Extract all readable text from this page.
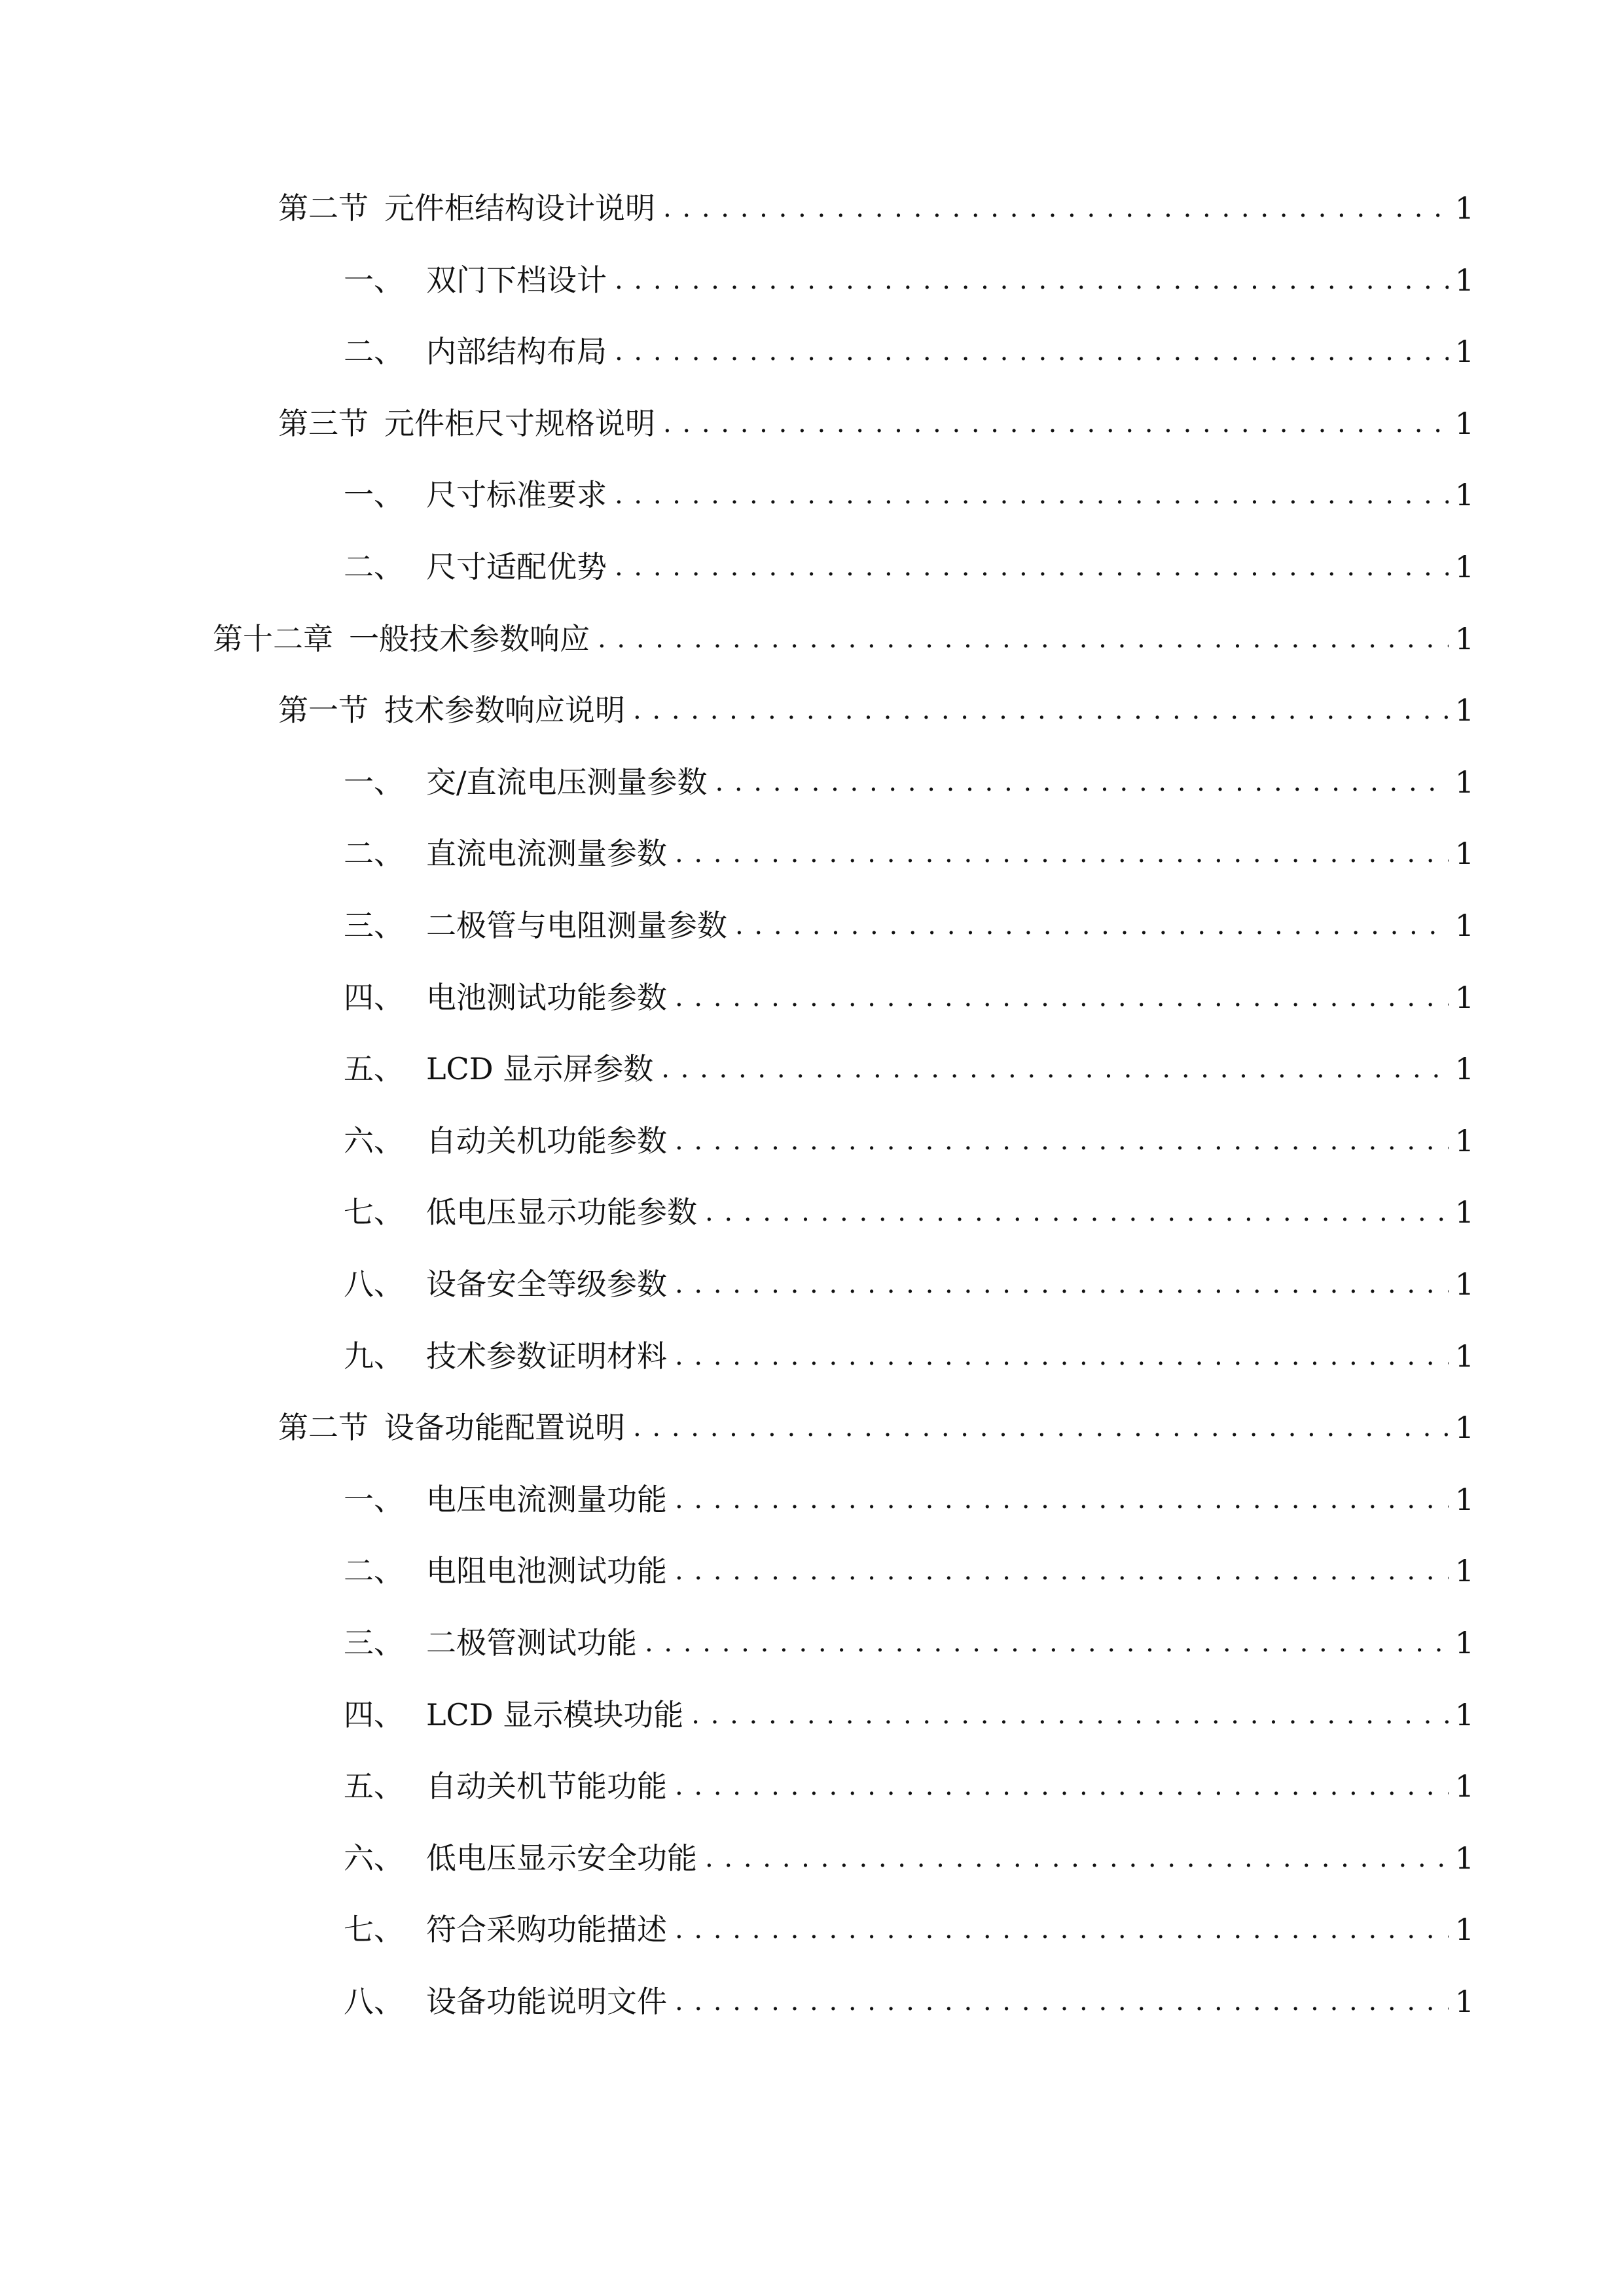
第二节 元件柜结构设计说明 . . .	1
一、 双门下档设计 . . .	1
二、 内部结构布局 . . .	1
第三节 元件柜尺寸规格说明 . . .	1
一、 尺寸标准要求 . . .	1
二、 尺寸适配优势 . . .	1
第十二章 一般技术参数响应 . . .	1
第一节 技术参数响应说明 . . .	1
一、 交/直流电压测量参数 . . .	1
二、 直流电流测量参数 . . .	1
三、 二极管与电阻测量参数 . . .	1
四、 电池测试功能参数 . . .	1
五、 LCD 显示屏参数 . . .	1
六、 自动关机功能参数 . . .	1
七、 低电压显示功能参数 . . .	1
八、 设备安全等级参数 . . .	1
九、 技术参数证明材料 . . .	1
第二节 设备功能配置说明 . . .	1
一、 电压电流测量功能 . . .	1
二、 电阻电池测试功能 . . .	1
三、 二极管测试功能 . . .	1
四、 LCD 显示模块功能 . . .	1
五、 自动关机节能功能 . . .	1
六、 低电压显示安全功能 . . .	1
七、 符合采购功能描述 . . .	1
八、 设备功能说明文件 . . .	1
